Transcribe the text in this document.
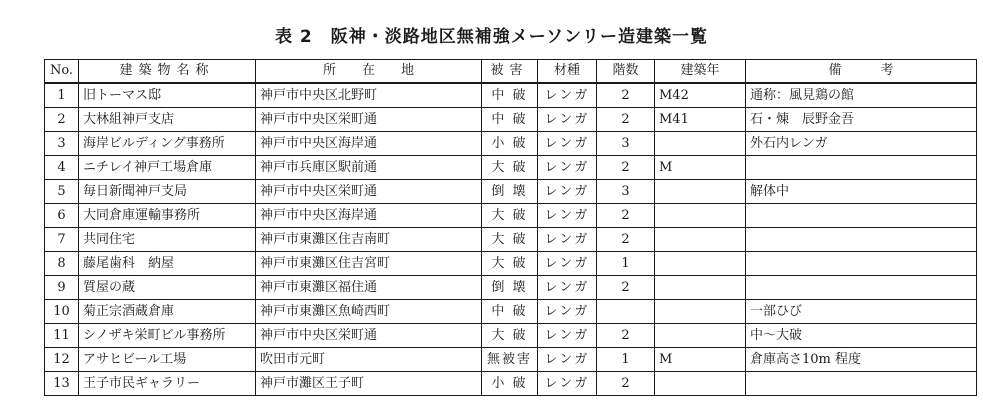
表 2 阪神・淡路地区無補強メーソンリー造建築一覧
No.	建築物名称	所　　在　　地	被害	材種	階数	建築年	備　　　考
1	旧トーマス邸	神戸市中央区北野町	中 破	レンガ	2	M42	通称：風見鶏の館
2	大林組神戸支店	神戸市中央区栄町通	中 破	レンガ	2	M41	石・煉　辰野金吾
3	海岸ビルディング事務所	神戸市中央区海岸通	小 破	レンガ	3		外石内レンガ
4	ニチレイ神戸工場倉庫	神戸市兵庫区駅前通	大 破	レンガ	2	M	
5	毎日新聞神戸支局	神戸市中央区栄町通	倒 壊	レンガ	3		解体中
6	大同倉庫運輸事務所	神戸市中央区海岸通	大 破	レンガ	2		
7	共同住宅	神戸市東灘区住吉南町	大 破	レンガ	2		
8	藤尾歯科　納屋	神戸市東灘区住吉宮町	大 破	レンガ	1		
9	質屋の蔵	神戸市東灘区福住通	倒 壊	レンガ	2		
10	菊正宗酒蔵倉庫	神戸市東灘区魚崎西町	中 破	レンガ			一部ひび
11	シノザキ栄町ビル事務所	神戸市中央区栄町通	大 破	レンガ	2		中～大破
12	アサヒビール工場	吹田市元町	無被害	レンガ	1	M	倉庫高さ10m 程度
13	王子市民ギャラリー	神戸市灘区王子町	小 破	レンガ	2		
